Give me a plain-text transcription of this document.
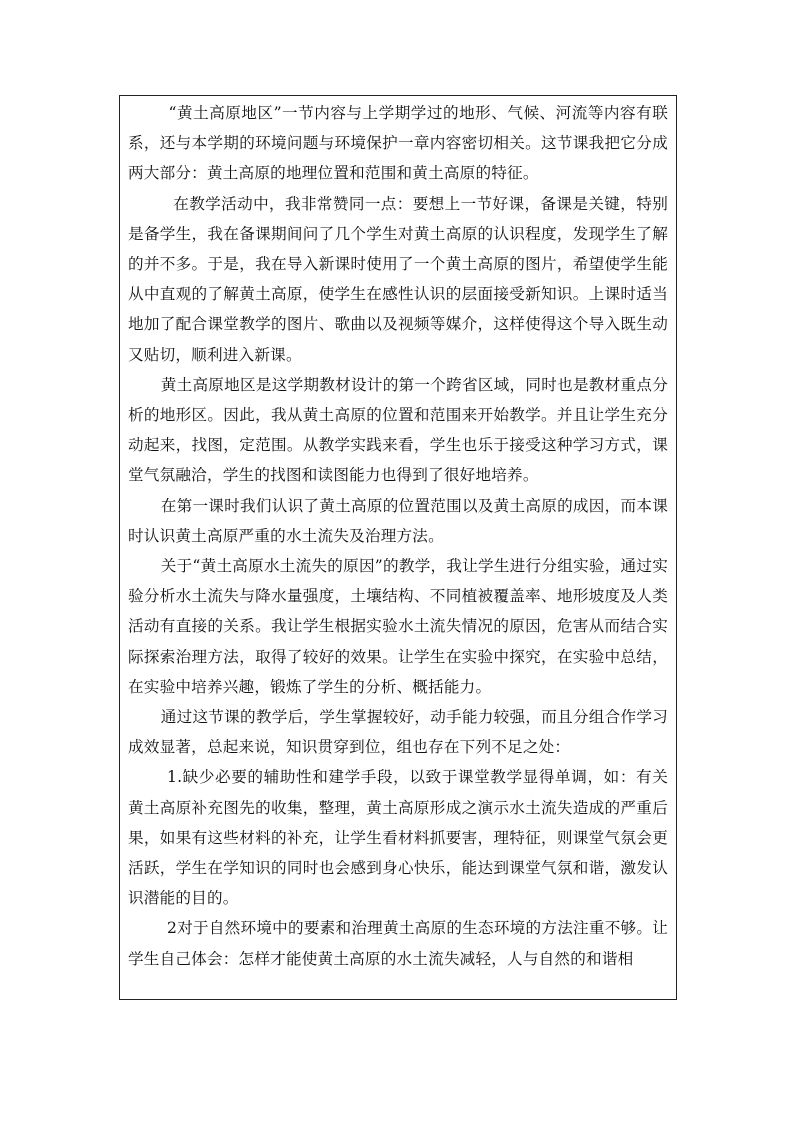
“黄土高原地区”一节内容与上学期学过的地形、气候、河流等内容有联系，还与本学期的环境问题与环境保护一章内容密切相关。这节课我把它分成两大部分：黄土高原的地理位置和范围和黄土高原的特征。

在教学活动中，我非常赞同一点：要想上一节好课，备课是关键，特别是备学生，我在备课期间问了几个学生对黄土高原的认识程度，发现学生了解的并不多。于是，我在导入新课时使用了一个黄土高原的图片，希望使学生能从中直观的了解黄土高原，使学生在感性认识的层面接受新知识。上课时适当地加了配合课堂教学的图片、歌曲以及视频等媒介，这样使得这个导入既生动又贴切，顺利进入新课。

黄土高原地区是这学期教材设计的第一个跨省区域，同时也是教材重点分析的地形区。因此，我从黄土高原的位置和范围来开始教学。并且让学生充分动起来，找图，定范围。从教学实践来看，学生也乐于接受这种学习方式，课堂气氛融洽，学生的找图和读图能力也得到了很好地培养。

在第一课时我们认识了黄土高原的位置范围以及黄土高原的成因，而本课时认识黄土高原严重的水土流失及治理方法。

关于“黄土高原水土流失的原因”的教学，我让学生进行分组实验，通过实验分析水土流失与降水量强度，土壤结构、不同植被覆盖率、地形坡度及人类活动有直接的关系。我让学生根据实验水土流失情况的原因，危害从而结合实际探索治理方法，取得了较好的效果。让学生在实验中探究，在实验中总结，在实验中培养兴趣，锻炼了学生的分析、概括能力。

通过这节课的教学后，学生掌握较好，动手能力较强，而且分组合作学习成效显著，总起来说，知识贯穿到位，组也存在下列不足之处：

1.缺少必要的辅助性和建学手段，以致于课堂教学显得单调，如：有关黄土高原补充图先的收集，整理，黄土高原形成之演示水土流失造成的严重后果，如果有这些材料的补充，让学生看材料抓要害，理特征，则课堂气氛会更活跃，学生在学知识的同时也会感到身心快乐，能达到课堂气氛和谐，激发认识潜能的目的。

2对于自然环境中的要素和治理黄土高原的生态环境的方法注重不够。让学生自己体会：怎样才能使黄土高原的水土流失减轻，人与自然的和谐相
